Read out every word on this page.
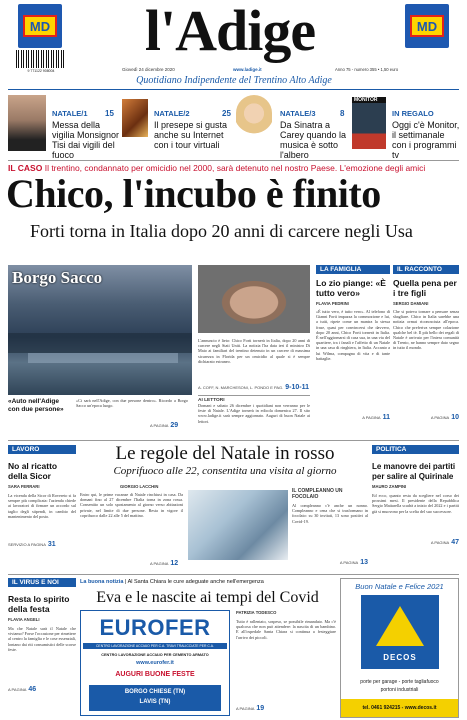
MD
9 771122 908004
l'Adige	MD
Giovedì 24 dicembre 2020	www.ladige.it	Anno 75 - numero 355 • 1,50 euro
Quotidiano Indipendente del Trentino Alto Adige
NATALE/1 15
Messa della vigilia Monsignor Tisi dai vigili del fuoco
NATALE/2	25
Il presepe si gusta anche su Internet con i tour virtuali
NATALE/3	8
Da Sinatra a Carey quando la musica è sotto l'albero
MONITOR
IN REGALO
Oggi c'è Monitor, il settimanale con i programmi tv
IL CASO Il trentino, condannato per omicidio nel 2000, sarà detenuto nel nostro Paese. L'emozione degli amici
Chico, l'incubo è finito
Forti torna in Italia dopo 20 anni di carcere negli Usa
Borgo Sacco
«Auto nell'Adige con due persone»
«Ci sarà nell'Adige, con due persone dentro». Ricordo a Borgo Sacco un'epoca luogo.
A PAGINA 29
L'annuncio è lieto: Chico Forti tornerà in Italia, dopo 20 anni di carcere negli Stati Uniti. La notizia l'ha data ieri il ministro Di Maio ai familiari del trentino detenuto in un carcere di massima sicurezza in Florida per un omicidio al quale si è sempre dichiarato estraneo.
A. COFF, N. MARCHESONI, L. PONDO E PAG. 9-10-11
AI LETTORI
Domani e sabato 26 dicembre i quotidiani non verranno per le feste di Natale. L'Adige tornerà in edicola domenica 27. Il sito www.ladige.it sarà sempre aggiornato. Auguri di buon Natale ai lettori.
LA FAMIGLIA
Lo zio piange: «È tutto vero»
FLAVIA PEDRINI
«È tutto vero, è tutto vero». Al telefono di Gianni Forti impazza la commozione e lui, a tutti, ripete come un mantra la stessa frase, quasi per convincersi che davvero, dopo 20 anni, Chico Forti tornerà in Italia. È nell'aggiornarsi di casa sua, in una via del quartiere, tra i fanali e l'affetto di un Natale in una casa di ringhiera, in Italia. Accanto a lui Wilma, compagna di vita e di tante battaglie.
A PAGINA 11
IL RACCONTO
Quella pena per i tre figli
SERGIO DAMIANI
Che si poteva tornare a pensare senza sbagliare. Chico in Italia sarebbe una notizia ormai riconosciuta all'epoca. Chico che preferiva sempre colazione qualche bel tè. Il più bello dei regali di Natale è arrivato per l'intera comunità di Trento, ne hanno sempre dato segno in tutto il mondo.
A PAGINA 10
LAVORO
No al ricatto della Sicor
SARA FERRARI
La vicenda della Sicor di Rovereto si fa sempre più complicata: l'azienda chiede ai lavoratori di firmare un accordo sul taglio degli stipendi, in cambio del mantenimento del posto.
SERVIZIO A PAGINA 31
Le regole del Natale in rosso
Coprifuoco alle 22, consentita una visita al giorno
GIORGIO LACCHIN
Entro qui, le prime vacanze di Natale rinchiusi in casa. Da domani fino al 27 dicembre l'Italia torna in zona rossa. Consentito un solo spostamento al giorno verso abitazioni private, nel limite di due persone. Resta in vigore il coprifuoco dalle 22 alle 5 del mattino.
A PAGINA 12
IL COMPLEANNO UN FOCOLAIO
Al compleanno c'è anche un nonno. Compleanno e cena che si trasformano in focolaio: su 30 invitati, 13 sono positivi al Covid-19.
A PAGINA 13
POLITICA
Le manovre dei partiti per salire al Quirinale
MAURO ZAMPINI
Ed ecco, quanto resta da scegliere nel corso dei prossimi mesi. Il presidente della Repubblica Sergio Mattarella scadrà a inizio del 2022 e i partiti già si muovono per la scelta del suo successore.
A PAGINA 47
IL VIRUS E NOI
Resta lo spirito della festa
FLAVIA ANGELI
Ma che Natale sarà il Natale che viviamo? Forse l'occasione per rimettere al centro la famiglia e le cose essenziali, lontano dai riti consumistici delle scorse feste.
A PAGINA 46
La buona notizia | Al Santa Chiara le cure adeguate anche nell'emergenza
Eva e le nascite ai tempi del Covid
EUROFER
CENTRO LAVORAZIONE ACCIAIO PER C.A. TRAVI TRALICCIATE PER C.A.
CENTRO LAVORAZIONE ACCIAIO PER CEMENTO ARMATO
www.eurofer.it
AUGURI BUONE FESTE
BORGO CHIESE (TN)
LAVIS (TN)
PATRIZIA TODESCO
Tutto è rallentato, sospeso, se possibile rimandato. Ma c'è qualcosa che non può attendere: la nascita di un bambino. E all'ospedale Santa Chiara si continua a festeggiare l'arrivo dei piccoli.
A PAGINA 19
Buon Natale e Felice 2021
DECOS
porte per garage - porte tagliafuoco
portoni industriali
tel. 0461 924215 - www.decos.it
